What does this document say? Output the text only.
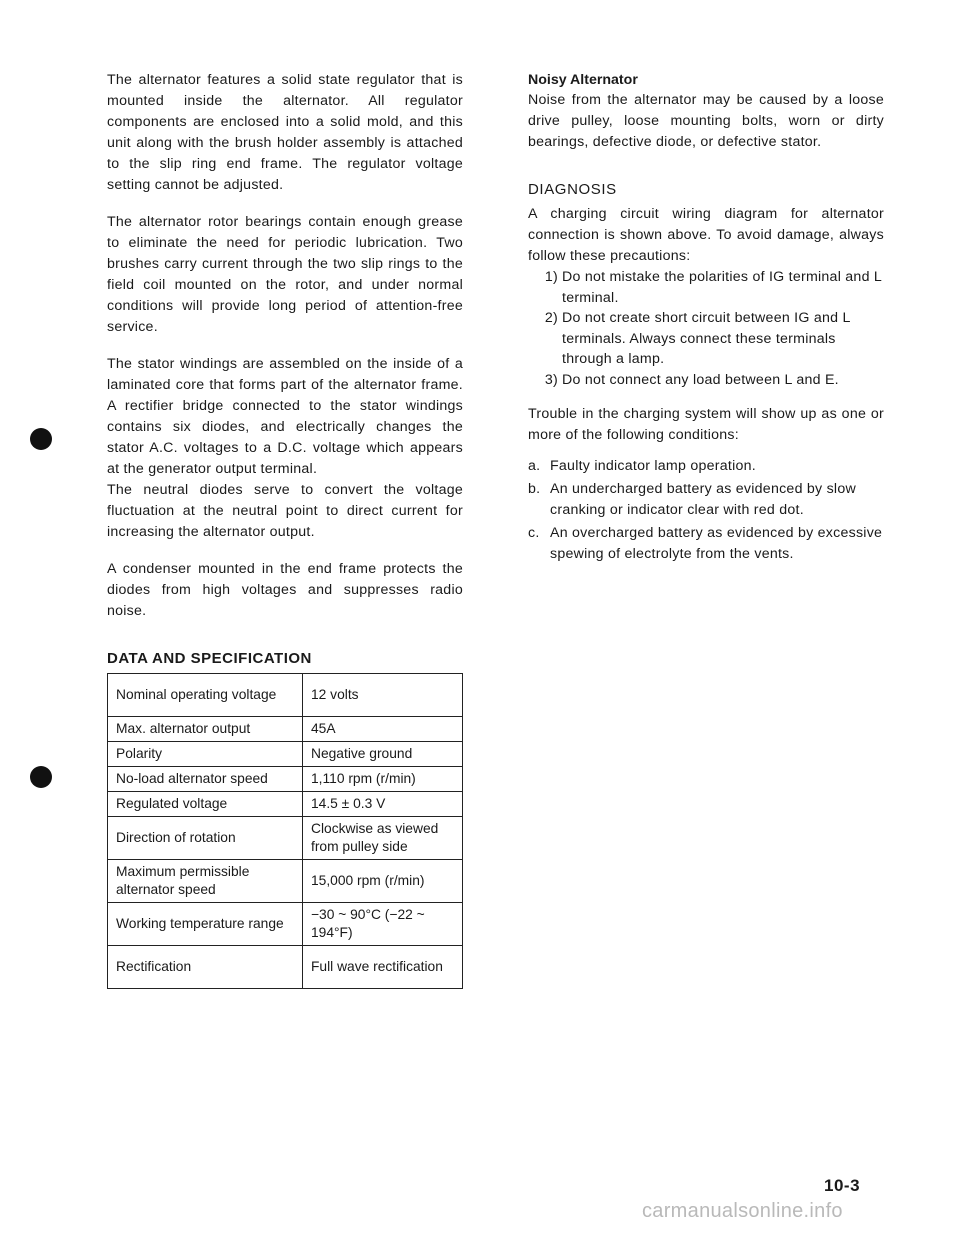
The alternator features a solid state regulator that is mounted inside the alternator. All regulator components are enclosed into a solid mold, and this unit along with the brush holder assembly is attached to the slip ring end frame. The regulator voltage setting cannot be adjusted.

The alternator rotor bearings contain enough grease to eliminate the need for periodic lubrication. Two brushes carry current through the two slip rings to the field coil mounted on the rotor, and under normal conditions will provide long period of attention-free service.

The stator windings are assembled on the inside of a laminated core that forms part of the alternator frame. A rectifier bridge connected to the stator windings contains six diodes, and electrically changes the stator A.C. voltages to a D.C. voltage which appears at the generator output terminal.

The neutral diodes serve to convert the voltage fluctuation at the neutral point to direct current for increasing the alternator output.

A condenser mounted in the end frame protects the diodes from high voltages and suppresses radio noise.

DATA AND SPECIFICATION
Nominal operating voltage	12 volts
Max. alternator output	45A
Polarity	Negative ground
No-load alternator speed	1,110 rpm (r/min)
Regulated voltage	14.5 ± 0.3 V
Direction of rotation	Clockwise as viewed from pulley side
Maximum permissible alternator speed	15,000 rpm (r/min)
Working temperature range	−30 ~ 90°C (−22 ~ 194°F)
Rectification	Full wave rectification
Noisy Alternator

Noise from the alternator may be caused by a loose drive pulley, loose mounting bolts, worn or dirty bearings, defective diode, or defective stator.

DIAGNOSIS

A charging circuit wiring diagram for alternator connection is shown above. To avoid damage, always follow these precautions:

1) Do not mistake the polarities of IG terminal and L terminal.
2) Do not create short circuit between IG and L terminals. Always connect these terminals through a lamp.
3) Do not connect any load between L and E.

Trouble in the charging system will show up as one or more of the following conditions:

a. Faulty indicator lamp operation.
b. An undercharged battery as evidenced by slow cranking or indicator clear with red dot.
c. An overcharged battery as evidenced by excessive spewing of electrolyte from the vents.
10-3
carmanualsonline.info
